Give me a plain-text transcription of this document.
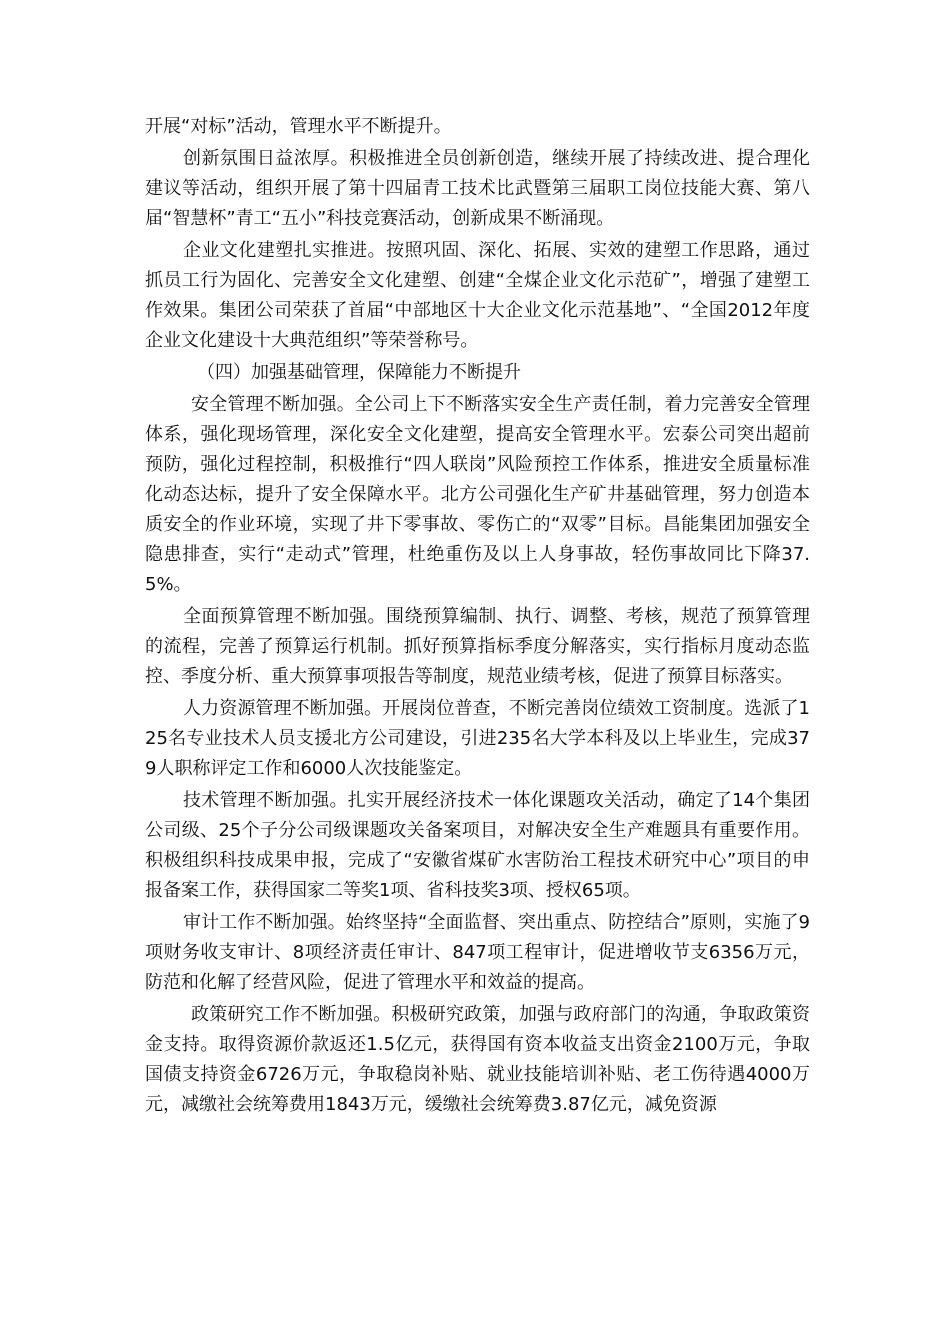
开展“对标”活动，管理水平不断提升。

创新氛围日益浓厚。积极推进全员创新创造，继续开展了持续改进、提合理化建议等活动，组织开展了第十四届青工技术比武暨第三届职工岗位技能大赛、第八届“智慧杯”青工“五小”科技竞赛活动，创新成果不断涌现。

企业文化建塑扎实推进。按照巩固、深化、拓展、实效的建塑工作思路，通过抓员工行为固化、完善安全文化建塑、创建“全煤企业文化示范矿”，增强了建塑工作效果。集团公司荣获了首届“中部地区十大企业文化示范基地”、“全国2012年度企业文化建设十大典范组织”等荣誉称号。

（四）加强基础管理，保障能力不断提升

安全管理不断加强。全公司上下不断落实安全生产责任制，着力完善安全管理体系，强化现场管理，深化安全文化建塑，提高安全管理水平。宏泰公司突出超前预防，强化过程控制，积极推行“四人联岗”风险预控工作体系，推进安全质量标准化动态达标，提升了安全保障水平。北方公司强化生产矿井基础管理，努力创造本质安全的作业环境，实现了井下零事故、零伤亡的“双零”目标。昌能集团加强安全隐患排查，实行“走动式”管理，杜绝重伤及以上人身事故，轻伤事故同比下降37.5%。

全面预算管理不断加强。围绕预算编制、执行、调整、考核，规范了预算管理的流程，完善了预算运行机制。抓好预算指标季度分解落实，实行指标月度动态监控、季度分析、重大预算事项报告等制度，规范业绩考核，促进了预算目标落实。

人力资源管理不断加强。开展岗位普查，不断完善岗位绩效工资制度。选派了125名专业技术人员支援北方公司建设，引进235名大学本科及以上毕业生，完成379人职称评定工作和6000人次技能鉴定。

技术管理不断加强。扎实开展经济技术一体化课题攻关活动，确定了14个集团公司级、25个子分公司级课题攻关备案项目，对解决安全生产难题具有重要作用。积极组织科技成果申报，完成了“安徽省煤矿水害防治工程技术研究中心”项目的申报备案工作，获得国家二等奖1项、省科技奖3项、授权65项。

审计工作不断加强。始终坚持“全面监督、突出重点、防控结合”原则，实施了9项财务收支审计、8项经济责任审计、847项工程审计，促进增收节支6356万元，防范和化解了经营风险，促进了管理水平和效益的提高。

政策研究工作不断加强。积极研究政策，加强与政府部门的沟通，争取政策资金支持。取得资源价款返还1.5亿元，获得国有资本收益支出资金2100万元，争取国债支持资金6726万元，争取稳岗补贴、就业技能培训补贴、老工伤待遇4000万元，减缴社会统筹费用1843万元，缓缴社会统筹费3.87亿元，减免资源
